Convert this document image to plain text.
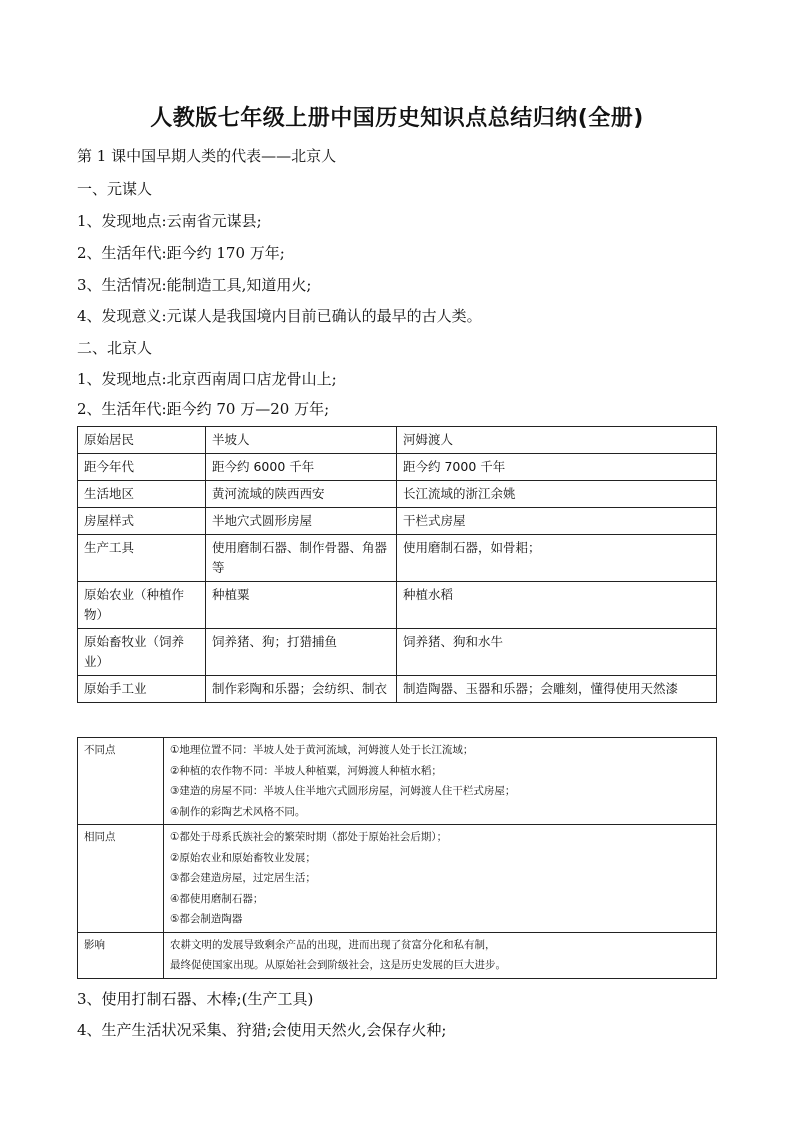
人教版七年级上册中国历史知识点总结归纳(全册)
第 1 课中国早期人类的代表——北京人
一、元谋人
1、发现地点:云南省元谋县;
2、生活年代:距今约 170 万年;
3、生活情况:能制造工具,知道用火;
4、发现意义:元谋人是我国境内目前已确认的最早的古人类。
二、北京人
1、发现地点:北京西南周口店龙骨山上;
2、生活年代:距今约 70 万—20 万年;
原始居民	半坡人	河姆渡人
距今年代	距今约 6000 千年	距今约 7000 千年
生活地区	黄河流域的陕西西安	长江流域的浙江余姚
房屋样式	半地穴式圆形房屋	干栏式房屋
生产工具	使用磨制石器、制作骨器、角器等	使用磨制石器，如骨耜；
原始农业（种植作物）	种植粟	种植水稻
原始畜牧业（饲养业）	饲养猪、狗；打猎捕鱼	饲养猪、狗和水牛
原始手工业	制作彩陶和乐器；会纺织、制衣	制造陶器、玉器和乐器；会雕刻，懂得使用天然漆
不同点	①地理位置不同：半坡人处于黄河流域，河姆渡人处于长江流域；
②种植的农作物不同：半坡人种植粟，河姆渡人种植水稻；
③建造的房屋不同：半坡人住半地穴式圆形房屋，河姆渡人住干栏式房屋；
④制作的彩陶艺术风格不同。

相同点	①都处于母系氏族社会的繁荣时期（都处于原始社会后期）；
②原始农业和原始畜牧业发展；
③都会建造房屋，过定居生活；
④都使用磨制石器；
⑤都会制造陶器

影响	农耕文明的发展导致剩余产品的出现，进而出现了贫富分化和私有制，
最终促使国家出现。从原始社会到阶级社会，这是历史发展的巨大进步。
3、使用打制石器、木棒;(生产工具)
4、生产生活状况采集、狩猎;会使用天然火,会保存火种;
